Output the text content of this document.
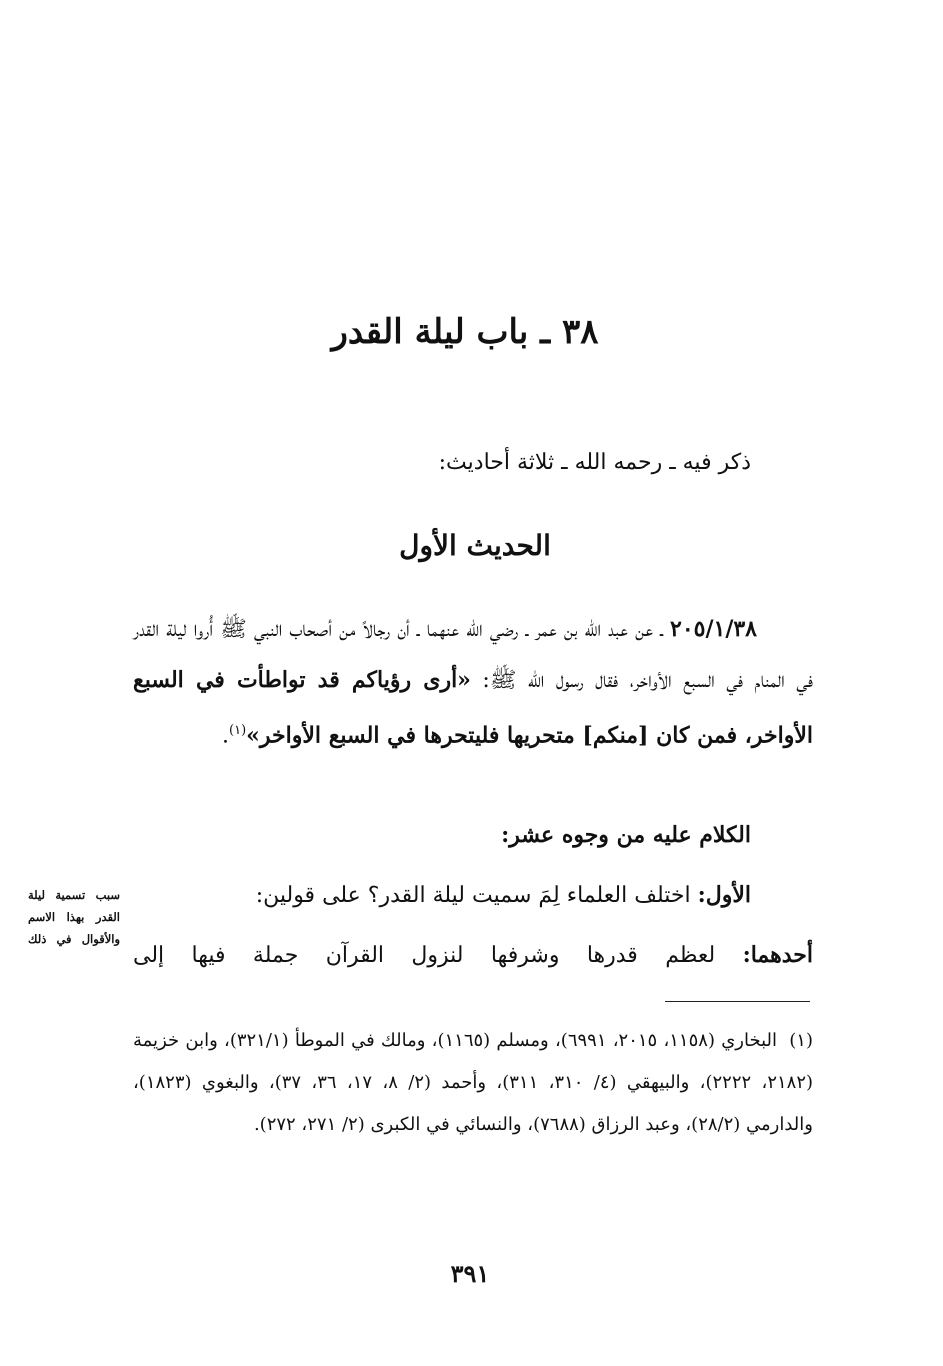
٣٨ ـ باب ليلة القدر
ذكر فيه ـ رحمه الله ـ ثلاثة أحاديث:
الحديث الأول
٢٠٥/١/٣٨ ـ عن عبد الله بن عمر ـ رضي الله عنهما ـ أن رجالاً من أصحاب النبي ﷺ أُروا ليلة القدر في المنام في السبع الأواخر، فقال رسول الله ﷺ: «أرى رؤياكم قد تواطأت في السبع الأواخر، فمن كان [منكم] متحريها فليتحرها في السبع الأواخر»$^{(١)}$.
الكلام عليه من وجوه عشر:
الأول: اختلف العلماء لِمَ سميت ليلة القدر؟ على قولين:
أحدهما: لعظم قدرها وشرفها لنزول القرآن جملة فيها إلى
سبب تسمية ليلة القدر بهذا الاسم والأقوال في ذلك
(١)البخاري (١١٥٨، ٢٠١٥، ٦٩٩١)، ومسلم (١١٦٥)، ومالك في الموطأ (٣٢١/١)، وابن خزيمة (٢١٨٢، ٢٢٢٢)، والبيهقي (٤/ ٣١٠، ٣١١)، وأحمد (٢/ ٨، ١٧، ٣٦، ٣٧)، والبغوي (١٨٢٣)، والدارمي (٢٨/٢)، وعبد الرزاق (٧٦٨٨)، والنسائي في الكبرى (٢/ ٢٧١، ٢٧٢).
٣٩١
